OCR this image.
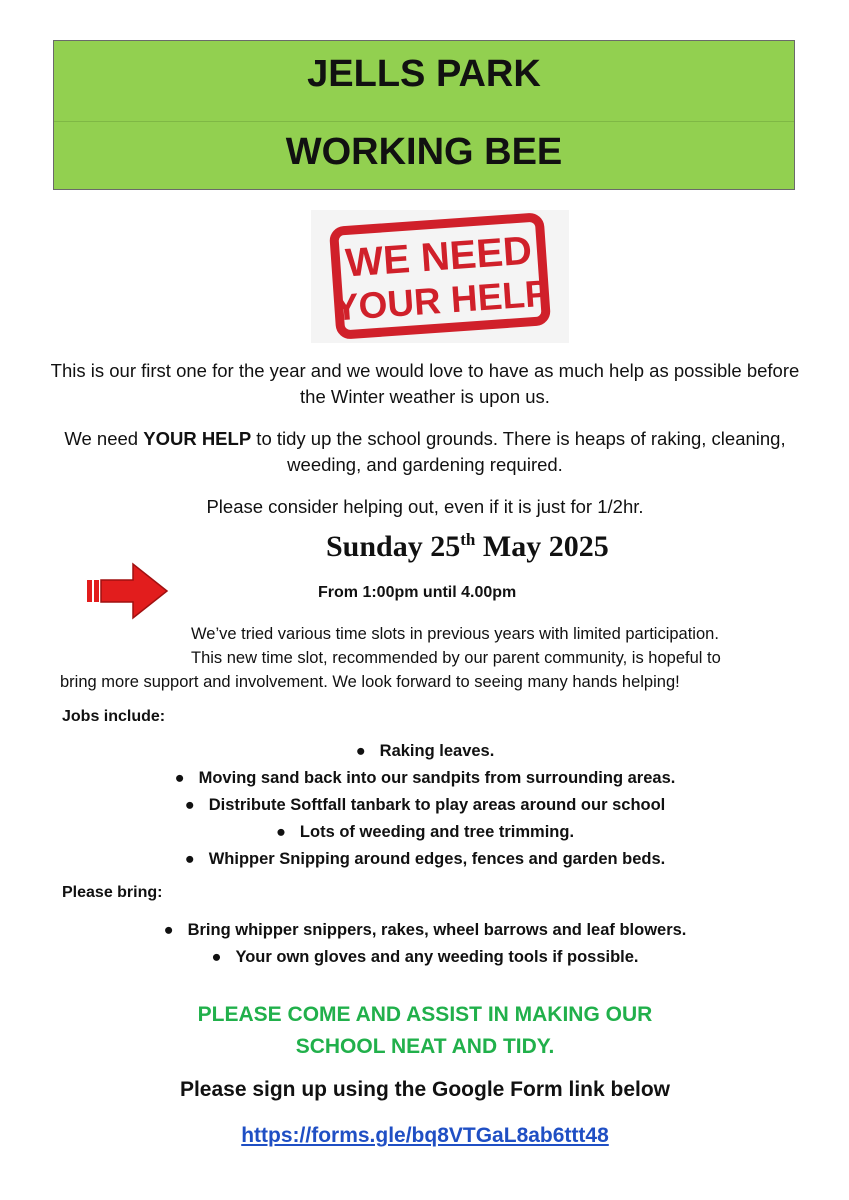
JELLS PARK
WORKING BEE
WE NEED
YOUR HELP
This is our first one for the year and we would love to have as much help as possible before the Winter weather is upon us.
We need YOUR HELP to tidy up the school grounds. There is heaps of raking, cleaning, weeding, and gardening required.
Please consider helping out, even if it is just for 1/2hr.
Sunday 25th May 2025
From 1:00pm until 4.00pm
We’ve tried various time slots in previous years with limited participation.
This new time slot, recommended by our parent community, is hopeful to
bring more support and involvement. We look forward to seeing many hands helping!
Jobs include:
● Raking leaves.
● Moving sand back into our sandpits from surrounding areas.
● Distribute Softfall tanbark to play areas around our school
● Lots of weeding and tree trimming.
● Whipper Snipping around edges, fences and garden beds.
Please bring:
● Bring whipper snippers, rakes, wheel barrows and leaf blowers.
● Your own gloves and any weeding tools if possible.
PLEASE COME AND ASSIST IN MAKING OUR
SCHOOL NEAT AND TIDY.
Please sign up using the Google Form link below
https://forms.gle/bq8VTGaL8ab6ttt48
